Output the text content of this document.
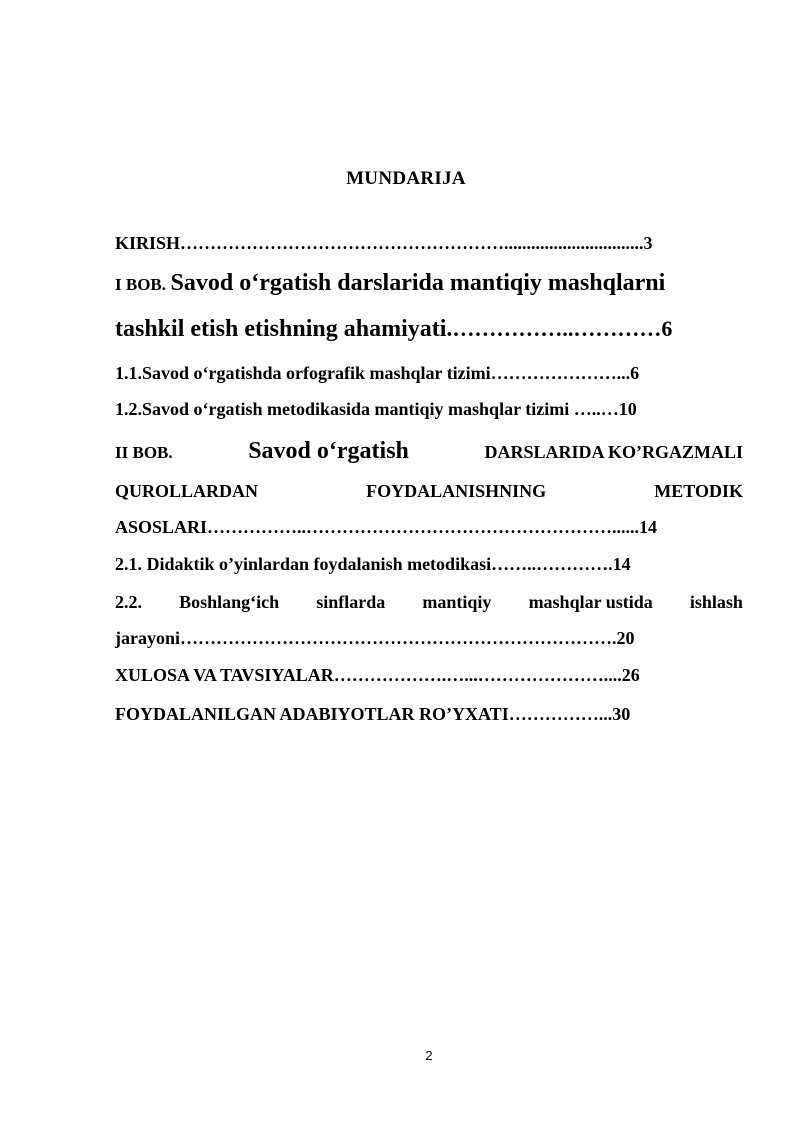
MUNDARIJA
KIRISH………………………………………………...............................3
I BOB. Savod o‘rgatish darslarida mantiqiy mashqlarni
tashkil etish etishning ahamiyati.……………..…………6
1.1.Savod o‘rgatishda orfografik mashqlar tizimi…………………...6
1.2.Savod o‘rgatish metodikasida mantiqiy mashqlar tizimi …..…10
II BOB.	Savod o‘rgatish	DARSLARIDA KO’RGAZMALI
QUROLLARDAN	FOYDALANISHNING	METODIK
ASOSLARI……………..……………………………………………......14
2.1. Didaktik o’yinlardan foydalanish metodikasi……..………….14
2.2. Boshlang‘ich sinflarda mantiqiy mashqlar ustida ishlash
jarayoni……………………………………………………………….20
XULOSA VA TAVSIYALAR……………….…...…………………....26
FOYDALANILGAN ADABIYOTLAR RO’YXATI……………...30
2
